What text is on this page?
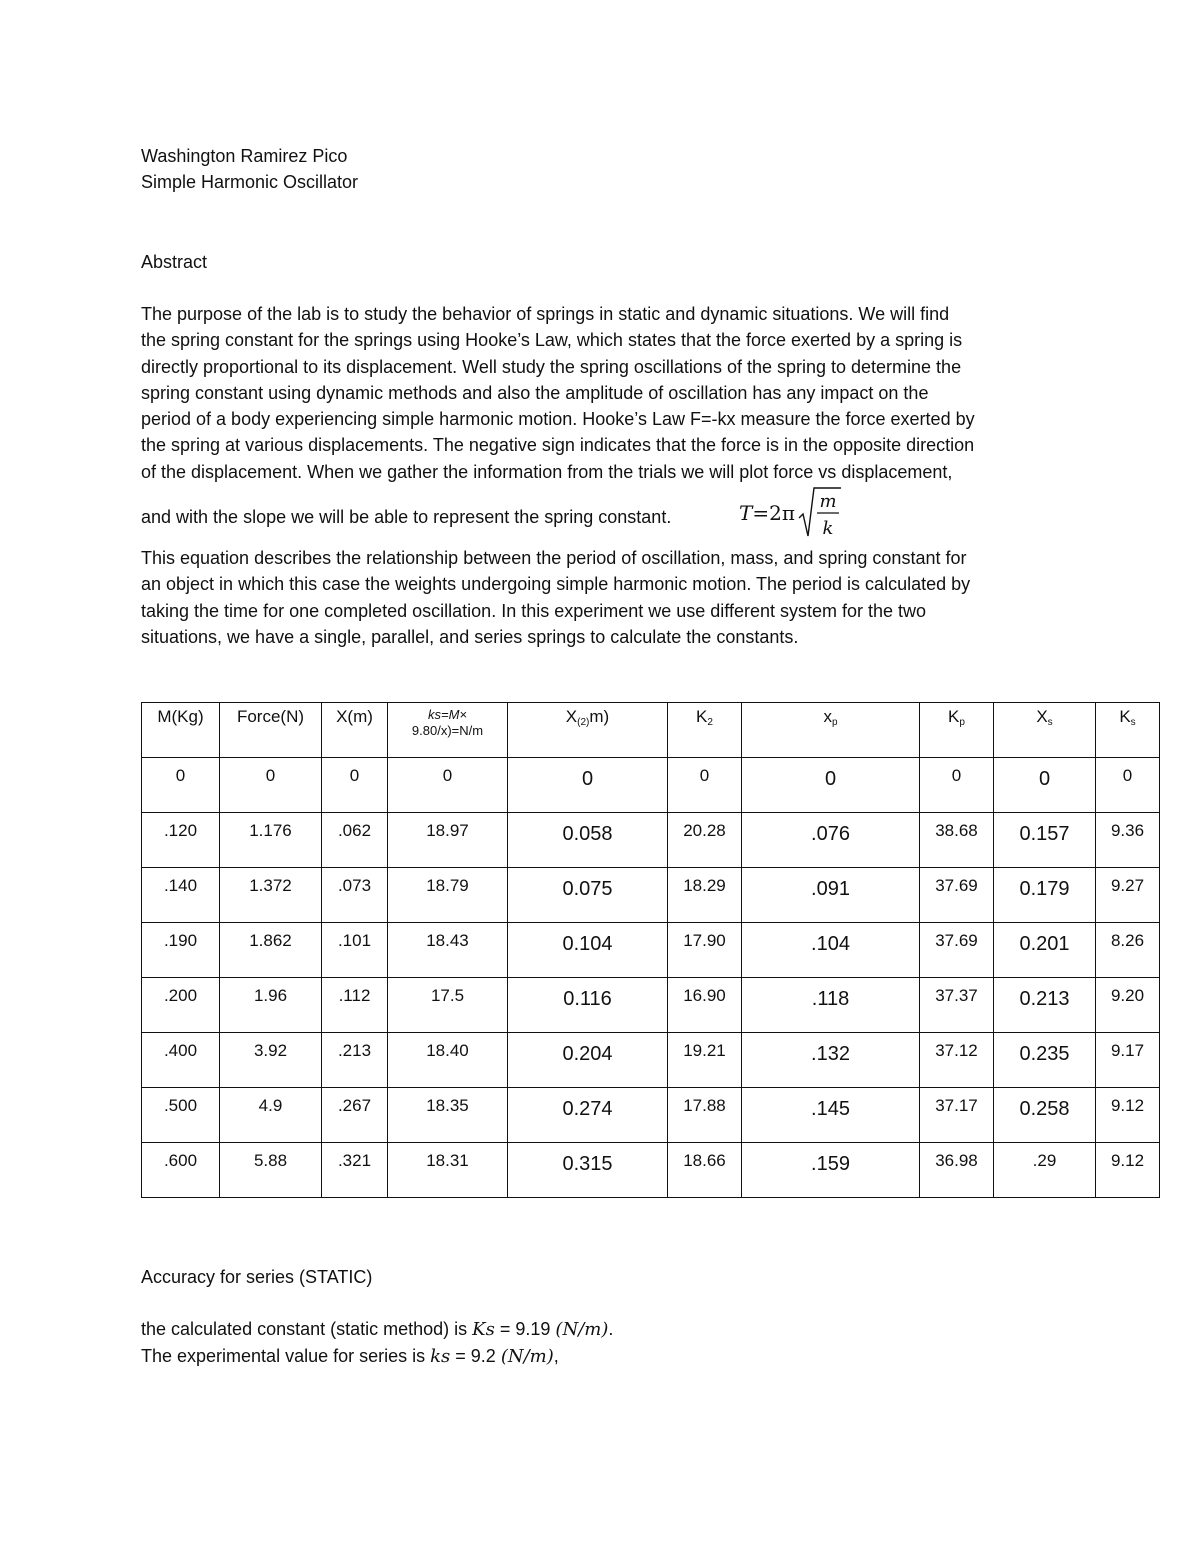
Washington Ramirez Pico
Simple Harmonic Oscillator
Abstract
The purpose of the lab is to study the behavior of springs in static and dynamic situations. We will find
the spring constant for the springs using Hooke’s Law, which states that the force exerted by a spring is
directly proportional to its displacement. Well study the spring oscillations of the spring to determine the
spring constant using dynamic methods and also the amplitude of oscillation has any impact on the
period of a body experiencing simple harmonic motion. Hooke’s Law F=-kx measure the force exerted by
the spring at various displacements. The negative sign indicates that the force is in the opposite direction
of the displacement. When we gather the information from the trials we will plot force vs displacement,
and with the slope we will be able to represent the spring constant.	T =2π m
k
This equation describes the relationship between the period of oscillation, mass, and spring constant for
an object in which this case the weights undergoing simple harmonic motion. The period is calculated by
taking the time for one completed oscillation. In this experiment we use different system for the two
situations, we have a single, parallel, and series springs to calculate the constants.
M(Kg)	Force(N)	X(m)	ks=M×
9.80/x)=N/m	$X_{(2)}m$)	$K_2$	$x_p$	$K_p$	$X_s$	$K_s$
0	0	0	0	0	0	0	0	0	0
.120	1.176	.062	18.97	0.058	20.28	.076	38.68	0.157	9.36
.140	1.372	.073	18.79	0.075	18.29	.091	37.69	0.179	9.27
.190	1.862	.101	18.43	0.104	17.90	.104	37.69	0.201	8.26
.200	1.96	.112	17.5	0.116	16.90	.118	37.37	0.213	9.20
.400	3.92	.213	18.40	0.204	19.21	.132	37.12	0.235	9.17
.500	4.9	.267	18.35	0.274	17.88	.145	37.17	0.258	9.12
.600	5.88	.321	18.31	0.315	18.66	.159	36.98	.29	9.12
Accuracy for series (STATIC)
the calculated constant (static method) is Ks = 9.19 (N/m).
The experimental value for series is ks = 9.2 (N/m),
